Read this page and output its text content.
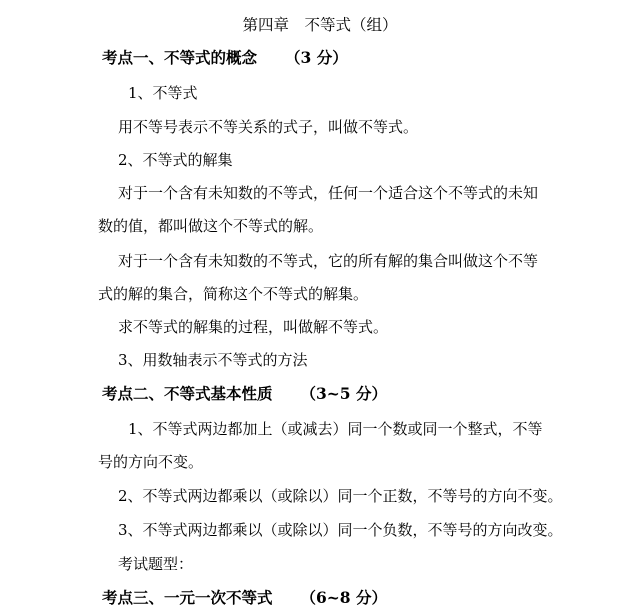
第四章　不等式（组）
考点一、不等式的概念 （3 分）
1、不等式
用不等号表示不等关系的式子，叫做不等式。
2、不等式的解集
对于一个含有未知数的不等式，任何一个适合这个不等式的未知
数的值，都叫做这个不等式的解。
对于一个含有未知数的不等式，它的所有解的集合叫做这个不等
式的解的集合，简称这个不等式的解集。
求不等式的解集的过程，叫做解不等式。
3、用数轴表示不等式的方法
考点二、不等式基本性质 （3~5 分）
1、不等式两边都加上（或减去）同一个数或同一个整式，不等
号的方向不变。
2、不等式两边都乘以（或除以）同一个正数，不等号的方向不变。
3、不等式两边都乘以（或除以）同一个负数，不等号的方向改变。
考试题型：
考点三、一元一次不等式 （6~8 分）
